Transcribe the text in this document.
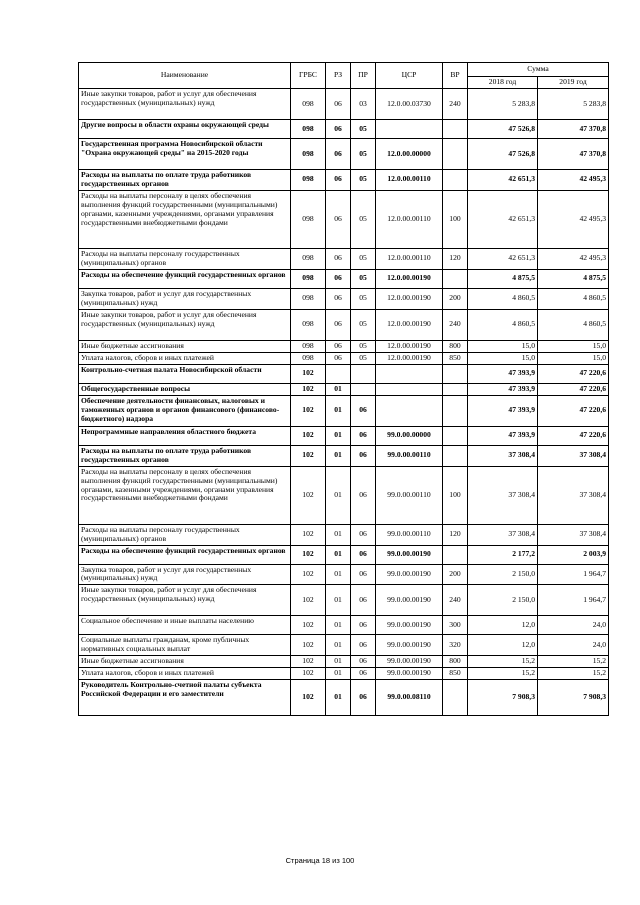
Наименование	ГРБС	РЗ	ПР	ЦСР	ВР	Сумма	
						2018 год	2019 год
Иные закупки товаров, работ и услуг для обеспечения государственных (муниципальных) нужд	098	06	03	12.0.00.03730	240	5 283,8	5 283,8
Другие вопросы в области охраны окружающей среды	098	06	05			47 526,8	47 370,8
Государственная программа Новосибирской области "Охрана окружающей среды" на 2015-2020 годы	098	06	05	12.0.00.00000		47 526,8	47 370,8
Расходы на выплаты по оплате труда работников государственных органов	098	06	05	12.0.00.00110		42 651,3	42 495,3
Расходы на выплаты персоналу в целях обеспечения выполнения функций государственными (муниципальными) органами, казенными учреждениями, органами управления государственными внебюджетными фондами	098	06	05	12.0.00.00110	100	42 651,3	42 495,3
Расходы на выплаты персоналу государственных (муниципальных) органов	098	06	05	12.0.00.00110	120	42 651,3	42 495,3
Расходы на обеспечение функций государственных органов	098	06	05	12.0.00.00190		4 875,5	4 875,5
Закупка товаров, работ и услуг для государственных (муниципальных) нужд	098	06	05	12.0.00.00190	200	4 860,5	4 860,5
Иные закупки товаров, работ и услуг для обеспечения государственных (муниципальных) нужд	098	06	05	12.0.00.00190	240	4 860,5	4 860,5
Иные бюджетные ассигнования	098	06	05	12.0.00.00190	800	15,0	15,0
Уплата налогов, сборов и иных платежей	098	06	05	12.0.00.00190	850	15,0	15,0
Контрольно-счетная палата Новосибирской области	102					47 393,9	47 220,6
Общегосударственные вопросы	102	01				47 393,9	47 220,6
Обеспечение деятельности финансовых, налоговых и таможенных органов и органов финансового (финансово-бюджетного) надзора	102	01	06			47 393,9	47 220,6
Непрограммные направления областного бюджета	102	01	06	99.0.00.00000		47 393,9	47 220,6
Расходы на выплаты по оплате труда работников государственных органов	102	01	06	99.0.00.00110		37 308,4	37 308,4
Расходы на выплаты персоналу в целях обеспечения выполнения функций государственными (муниципальными) органами, казенными учреждениями, органами управления государственными внебюджетными фондами	102	01	06	99.0.00.00110	100	37 308,4	37 308,4
Расходы на выплаты персоналу государственных (муниципальных) органов	102	01	06	99.0.00.00110	120	37 308,4	37 308,4
Расходы на обеспечение функций государственных органов	102	01	06	99.0.00.00190		2 177,2	2 003,9
Закупка товаров, работ и услуг для государственных (муниципальных) нужд	102	01	06	99.0.00.00190	200	2 150,0	1 964,7
Иные закупки товаров, работ и услуг для обеспечения государственных (муниципальных) нужд	102	01	06	99.0.00.00190	240	2 150,0	1 964,7
Социальное обеспечение и иные выплаты населению	102	01	06	99.0.00.00190	300	12,0	24,0
Социальные выплаты гражданам, кроме публичных нормативных социальных выплат	102	01	06	99.0.00.00190	320	12,0	24,0
Иные бюджетные ассигнования	102	01	06	99.0.00.00190	800	15,2	15,2
Уплата налогов, сборов и иных платежей	102	01	06	99.0.00.00190	850	15,2	15,2
Руководитель Контрольно-счетной палаты субъекта Российской Федерации и его заместители	102	01	06	99.0.00.08110		7 908,3	7 908,3
Страница 18 из 100
